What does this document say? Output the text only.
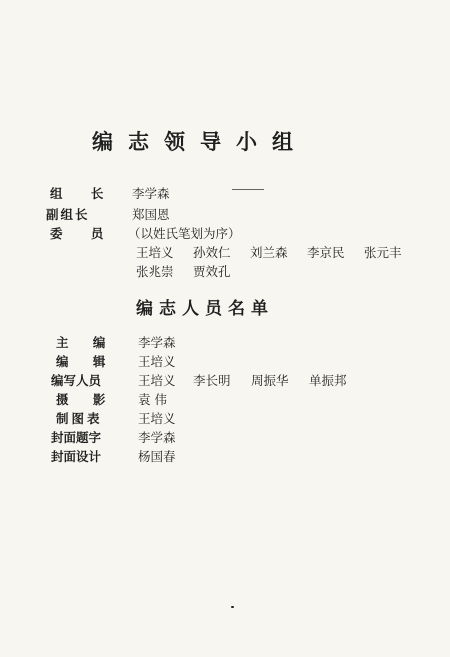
编志领导小组
组 长 李学森
副组长	郑国恩
委 员 （以姓氏笔划为序）
王培义 孙效仁 刘兰森 李京民 张元丰
张兆崇 贾效孔
编志人员名单
主 编 李学森
编 辑 王培义
编写人员	王培义 李长明 周振华 单振邦
摄 影 袁 伟
制图表	王培义
封面题字	李学森
封面设计	杨国春
